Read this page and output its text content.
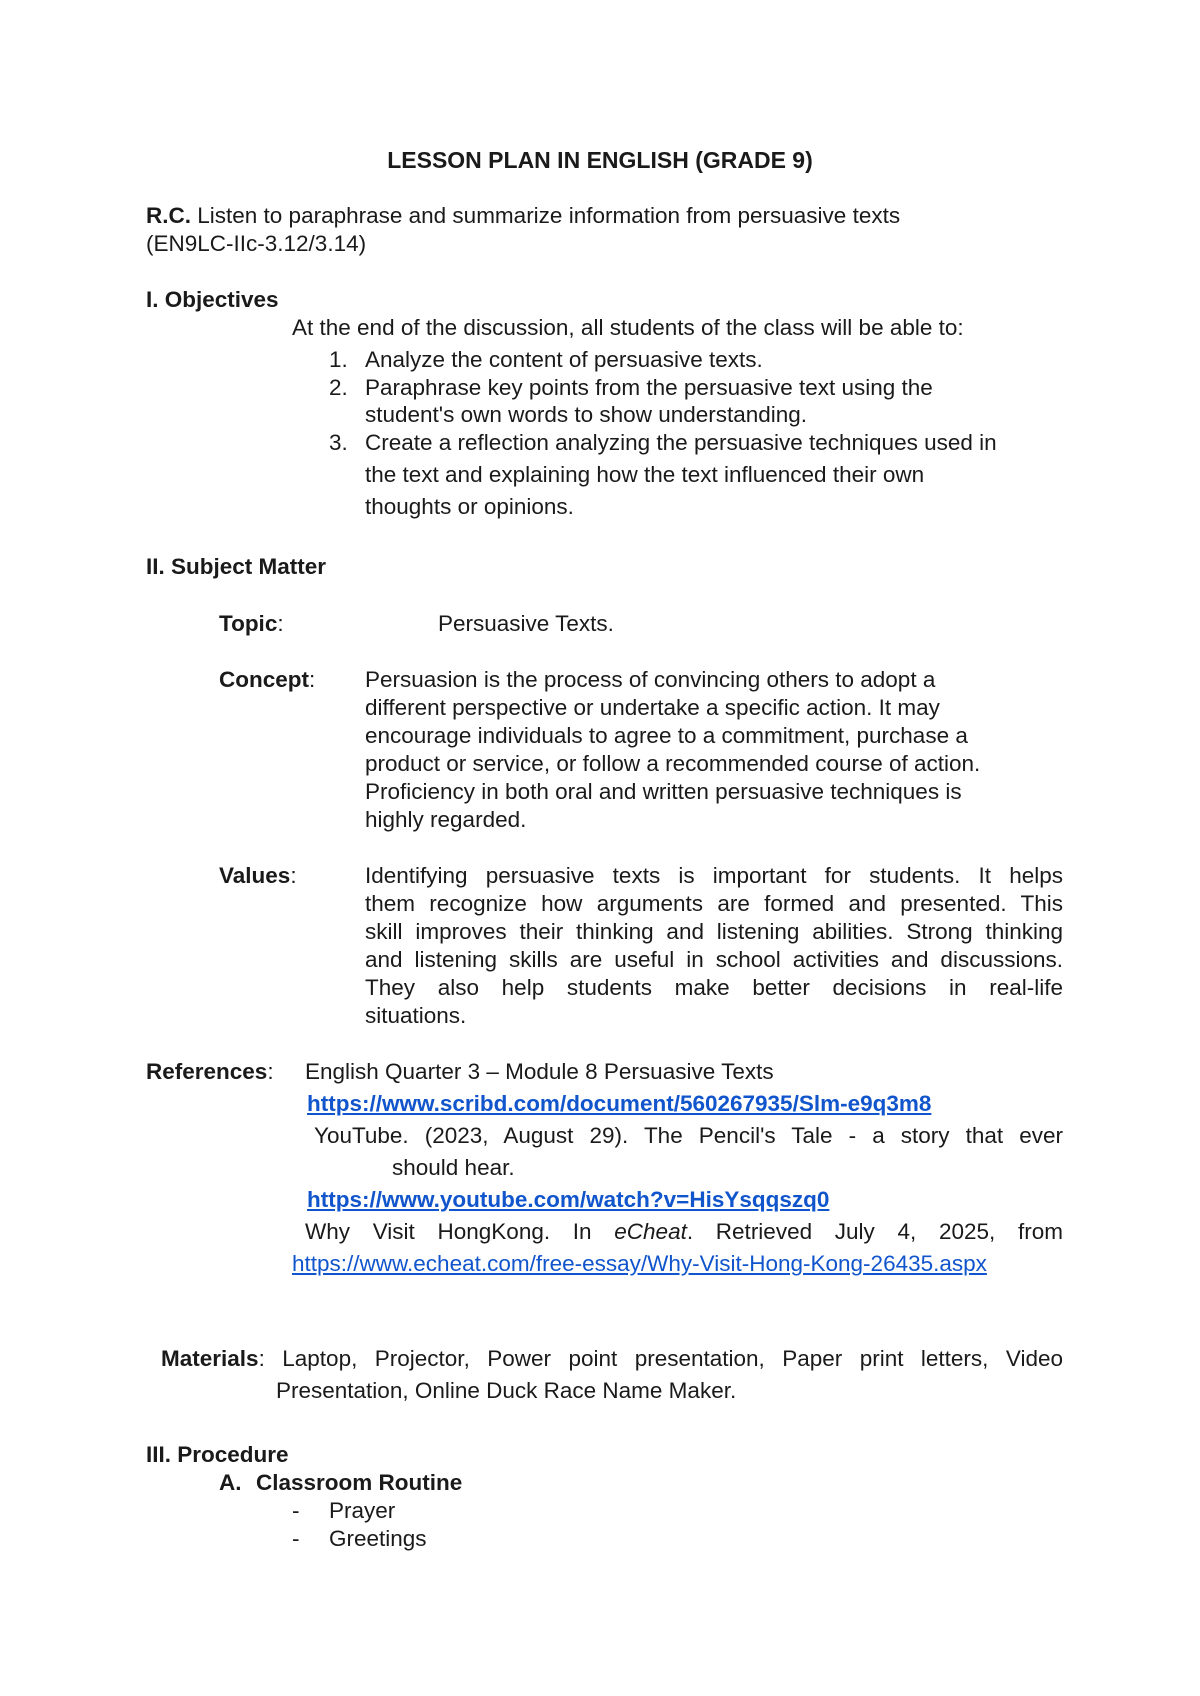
LESSON PLAN IN ENGLISH (GRADE 9)
R.C. Listen to paraphrase and summarize information from persuasive texts
(EN9LC-IIc-3.12/3.14)
I. Objectives
At the end of the discussion, all students of the class will be able to:
1. Analyze the content of persuasive texts.
2. Paraphrase key points from the persuasive text using the
student's own words to show understanding.
3. Create a reflection analyzing the persuasive techniques used in
the text and explaining how the text influenced their own
thoughts or opinions.
II. Subject Matter
Topic:	Persuasive Texts.
Concept: Persuasion is the process of convincing others to adopt a
different perspective or undertake a specific action. It may
encourage individuals to agree to a commitment, purchase a
product or service, or follow a recommended course of action.
Proficiency in both oral and written persuasive techniques is
highly regarded.
Values:	Identifying persuasive texts is important for students. It helps
them recognize how arguments are formed and presented. This
skill improves their thinking and listening abilities. Strong thinking
and listening skills are useful in school activities and discussions.
They also help students make better decisions in real-life
situations.
References: English Quarter 3 – Module 8 Persuasive Texts
https://www.scribd.com/document/560267935/Slm-e9q3m8
YouTube. (2023, August 29). The Pencil's Tale - a story that ever
should hear.
https://www.youtube.com/watch?v=HisYsqqszq0
Why Visit HongKong. In eCheat. Retrieved July 4, 2025, from
https://www.echeat.com/free-essay/Why-Visit-Hong-Kong-26435.aspx
Materials: Laptop, Projector, Power point presentation, Paper print letters, Video
Presentation, Online Duck Race Name Maker.
III. Procedure
A. Classroom Routine
- Prayer
- Greetings
